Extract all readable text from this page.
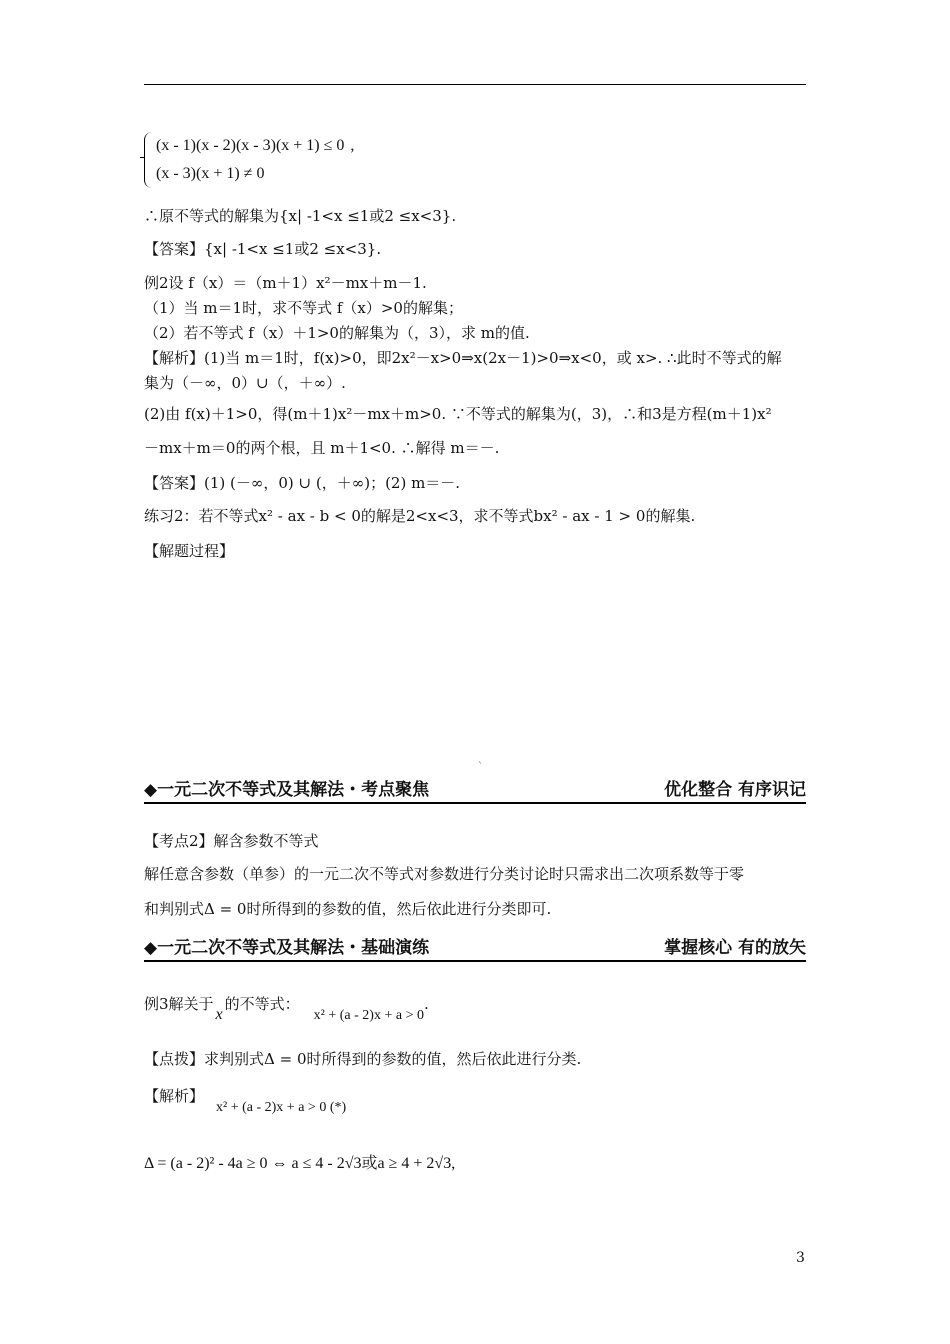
(x - 1)(x - 2)(x - 3)(x + 1) ≤ 0 ,
(x - 3)(x + 1) ≠ 0
∴原不等式的解集为{x| -1<x ≤1或2 ≤x<3}.
【答案】{x| -1<x ≤1或2 ≤x<3}.
例2设 f（x）＝（m＋1）x²－mx＋m－1.
（1）当 m＝1时，求不等式 f（x）>0的解集；
（2）若不等式 f（x）＋1>0的解集为（，3），求 m的值.
【解析】(1)当 m＝1时，f(x)>0，即2x²－x>0⇒x(2x－1)>0⇒x<0，或 x>. ∴此时不等式的解
集为（－∞，0）∪（，＋∞）.
(2)由 f(x)＋1>0，得(m＋1)x²－mx＋m>0. ∵不等式的解集为(，3)，∴和3是方程(m＋1)x²
－mx＋m＝0的两个根，且 m＋1<0. ∴解得 m＝－.
【答案】(1) (－∞，0) ∪ (，＋∞)；(2) m＝－.
练习2：若不等式x² - ax - b < 0的解是2<x<3，求不等式bx² - ax - 1 > 0的解集.
【解题过程】
`
◆一元二次不等式及其解法・考点聚焦	优化整合 有序识记
【考点2】解含参数不等式
解任意含参数（单参）的一元二次不等式对参数进行分类讨论时只需求出二次项系数等于零
和判别式Δ = 0时所得到的参数的值，然后依此进行分类即可.
◆一元二次不等式及其解法・基础演练	掌握核心 有的放矢
例3解关于x的不等式：x² + (a - 2)x + a > 0.
【点拨】求判别式Δ = 0时所得到的参数的值，然后依此进行分类.
【解析】x² + (a - 2)x + a > 0 (*)
Δ = (a - 2)² - 4a ≥ 0 ⇔ a ≤ 4 - 2√3或a ≥ 4 + 2√3,
3
